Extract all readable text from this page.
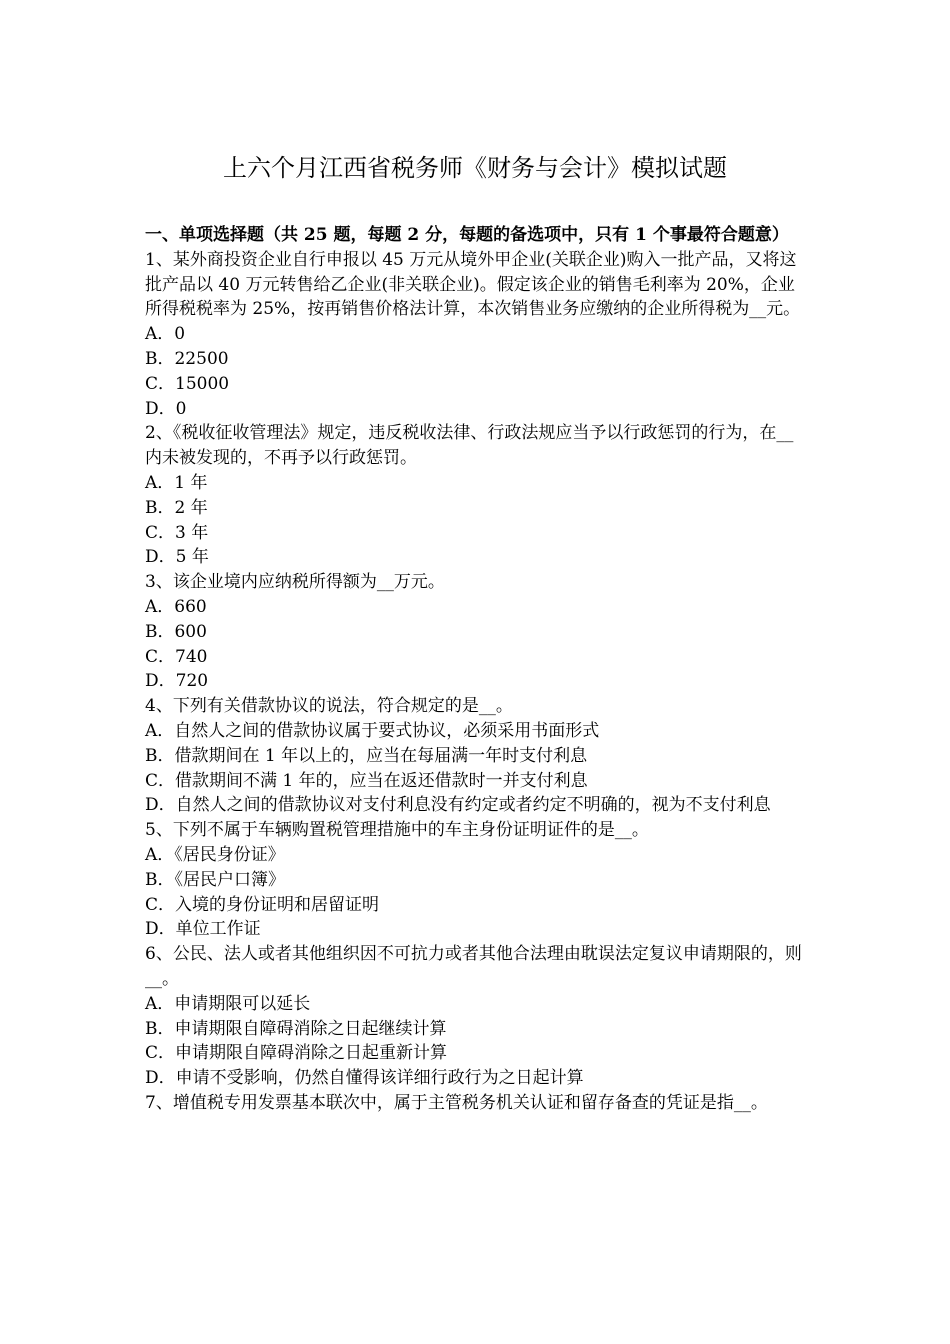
上六个月江西省税务师《财务与会计》模拟试题

一、单项选择题（共 25 题，每题 2 分，每题的备选项中，只有 1 个事最符合题意）

1、某外商投资企业自行申报以 45 万元从境外甲企业(关联企业)购入一批产品，又将这批产品以 40 万元转售给乙企业(非关联企业)。假定该企业的销售毛利率为 20%，企业所得税税率为 25%，按再销售价格法计算，本次销售业务应缴纳的企业所得税为__元。

A．0

B．22500

C．15000

D．0

2、《税收征收管理法》规定，违反税收法律、行政法规应当予以行政惩罚的行为，在__内未被发现的，不再予以行政惩罚。

A．1 年

B．2 年

C．3 年

D．5 年

3、该企业境内应纳税所得额为__万元。

A．660

B．600

C．740

D．720

4、下列有关借款协议的说法，符合规定的是__。

A．自然人之间的借款协议属于要式协议，必须采用书面形式

B．借款期间在 1 年以上的，应当在每届满一年时支付利息

C．借款期间不满 1 年的，应当在返还借款时一并支付利息

D．自然人之间的借款协议对支付利息没有约定或者约定不明确的，视为不支付利息

5、下列不属于车辆购置税管理措施中的车主身份证明证件的是__。

A．《居民身份证》

B．《居民户口簿》

C．入境的身份证明和居留证明

D．单位工作证

6、公民、法人或者其他组织因不可抗力或者其他合法理由耽误法定复议申请期限的，则__。

A．申请期限可以延长

B．申请期限自障碍消除之日起继续计算

C．申请期限自障碍消除之日起重新计算

D．申请不受影响，仍然自懂得该详细行政行为之日起计算

7、增值税专用发票基本联次中，属于主管税务机关认证和留存备查的凭证是指__。
